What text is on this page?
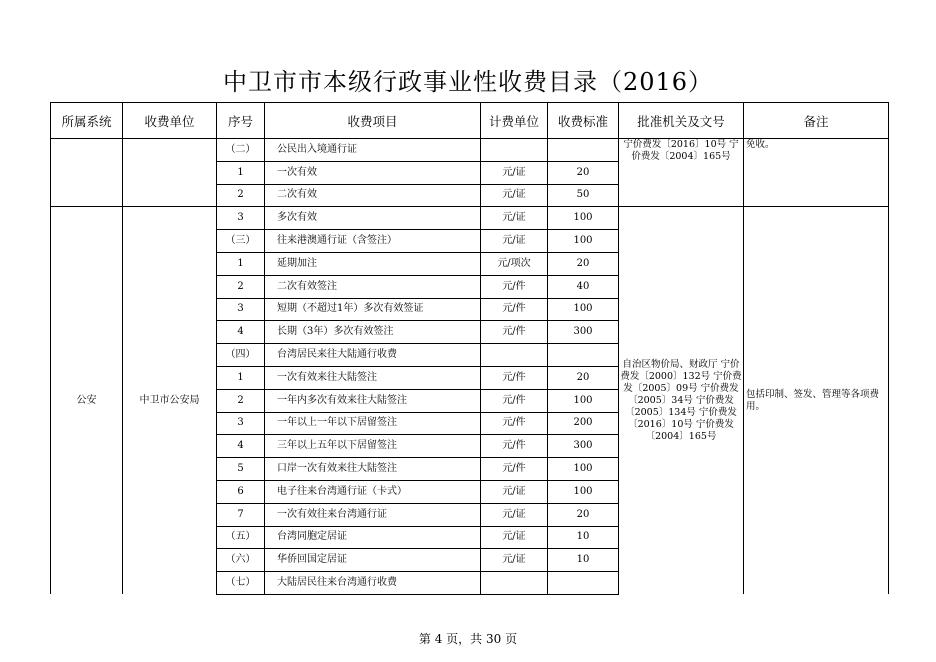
中卫市市本级行政事业性收费目录（2016）
所属系统	收费单位	序号	收费项目	计费单位	收费标准	批准机关及文号	备注
		（二）	公民出入境通行证			宁价费发〔2016〕10号 宁价费发〔2004〕165号	免收。
		1	一次有效	元/证	20		
		2	二次有效	元/证	50		
公安	中卫市公安局	3	多次有效	元/证	100	自治区物价局、财政厅 宁价费发〔2000〕132号 宁价费发〔2005〕09号 宁价费发〔2005〕34号 宁价费发〔2005〕134号 宁价费发〔2016〕10号 宁价费发〔2004〕165号	包括印制、签发、管理等各项费用。
		（三）	往来港澳通行证（含签注）	元/证	100		
		1	延期加注	元/项次	20		
		2	二次有效签注	元/件	40		
		3	短期（不超过1年）多次有效签证	元/件	100		
		4	长期（3年）多次有效签注	元/件	300		
		（四）	台湾居民来往大陆通行收费				
		1	一次有效来往大陆签注	元/件	20		
		2	一年内多次有效来往大陆签注	元/件	100		
		3	一年以上一年以下居留签注	元/件	200		
		4	三年以上五年以下居留签注	元/件	300		
		5	口岸一次有效来往大陆签注	元/件	100		
		6	电子往来台湾通行证（卡式）	元/证	100		
		7	一次有效往来台湾通行证	元/证	20		
		（五）	台湾同胞定居证	元/证	10		
		（六）	华侨回国定居证	元/证	10		
		（七）	大陆居民往来台湾通行收费				
第 4 页，共 30 页
